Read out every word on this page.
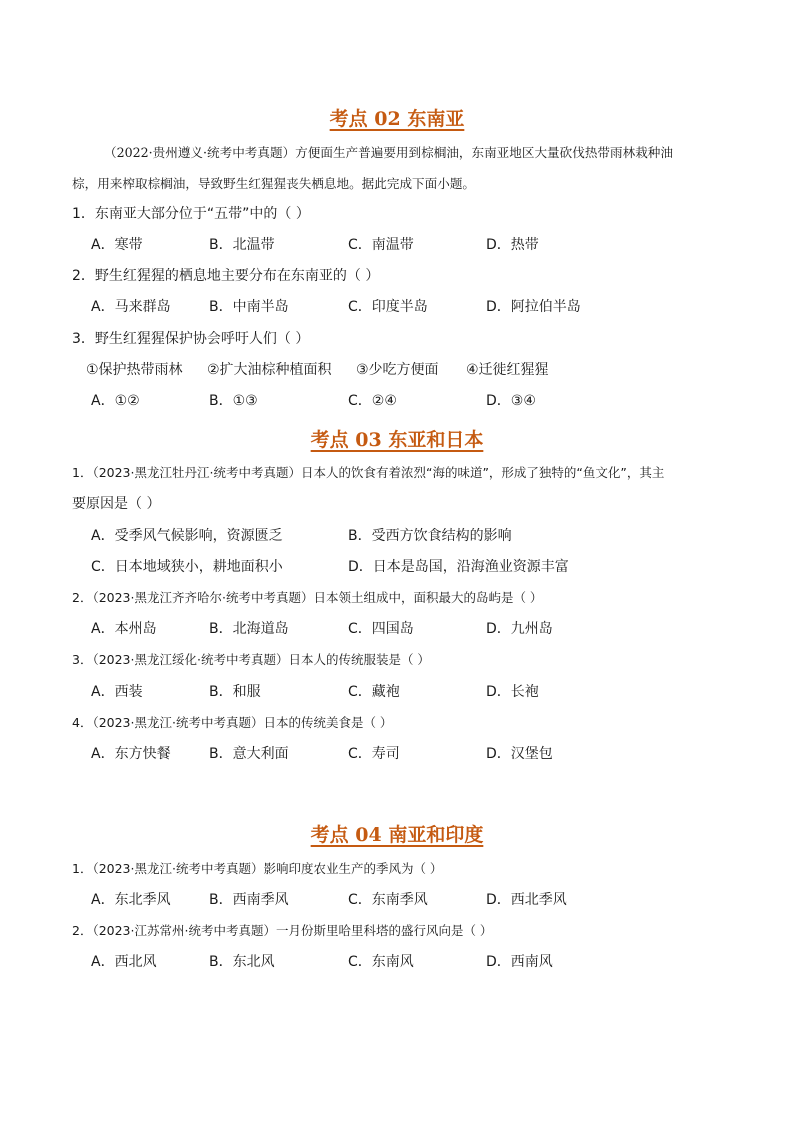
考点 02 东南亚
（2022·贵州遵义·统考中考真题）方便面生产普遍要用到棕榈油，东南亚地区大量砍伐热带雨林栽种油
棕，用来榨取棕榈油，导致野生红猩猩丧失栖息地。据此完成下面小题。
1．东南亚大部分位于“五带”中的（ ）
A．寒带	B．北温带	C．南温带	D．热带
2．野生红猩猩的栖息地主要分布在东南亚的（ ）
A．马来群岛	B．中南半岛	C．印度半岛	D．阿拉伯半岛
3．野生红猩猩保护协会呼吁人们（ ）
①保护热带雨林 ②扩大油棕种植面积 ③少吃方便面 ④迁徙红猩猩
A．①②	B．①③	C．②④	D．③④
考点 03 东亚和日本
1．（2023·黑龙江牡丹江·统考中考真题）日本人的饮食有着浓烈“海的味道”，形成了独特的“鱼文化”，其主
要原因是（ ）
A．受季风气候影响，资源匮乏	B．受西方饮食结构的影响
C．日本地域狭小，耕地面积小	D．日本是岛国，沿海渔业资源丰富
2．（2023·黑龙江齐齐哈尔·统考中考真题）日本领土组成中，面积最大的岛屿是（ ）
A．本州岛	B．北海道岛	C．四国岛	D．九州岛
3．（2023·黑龙江绥化·统考中考真题）日本人的传统服装是（ ）
A．西装	B．和服	C．藏袍	D．长袍
4．（2023·黑龙江·统考中考真题）日本的传统美食是（ ）
A．东方快餐	B．意大利面	C．寿司	D．汉堡包
考点 04 南亚和印度
1．（2023·黑龙江·统考中考真题）影响印度农业生产的季风为（ ）
A．东北季风	B．西南季风	C．东南季风	D．西北季风
2．（2023·江苏常州·统考中考真题）一月份斯里哈里科塔的盛行风向是（ ）
A．西北风	B．东北风	C．东南风	D．西南风
